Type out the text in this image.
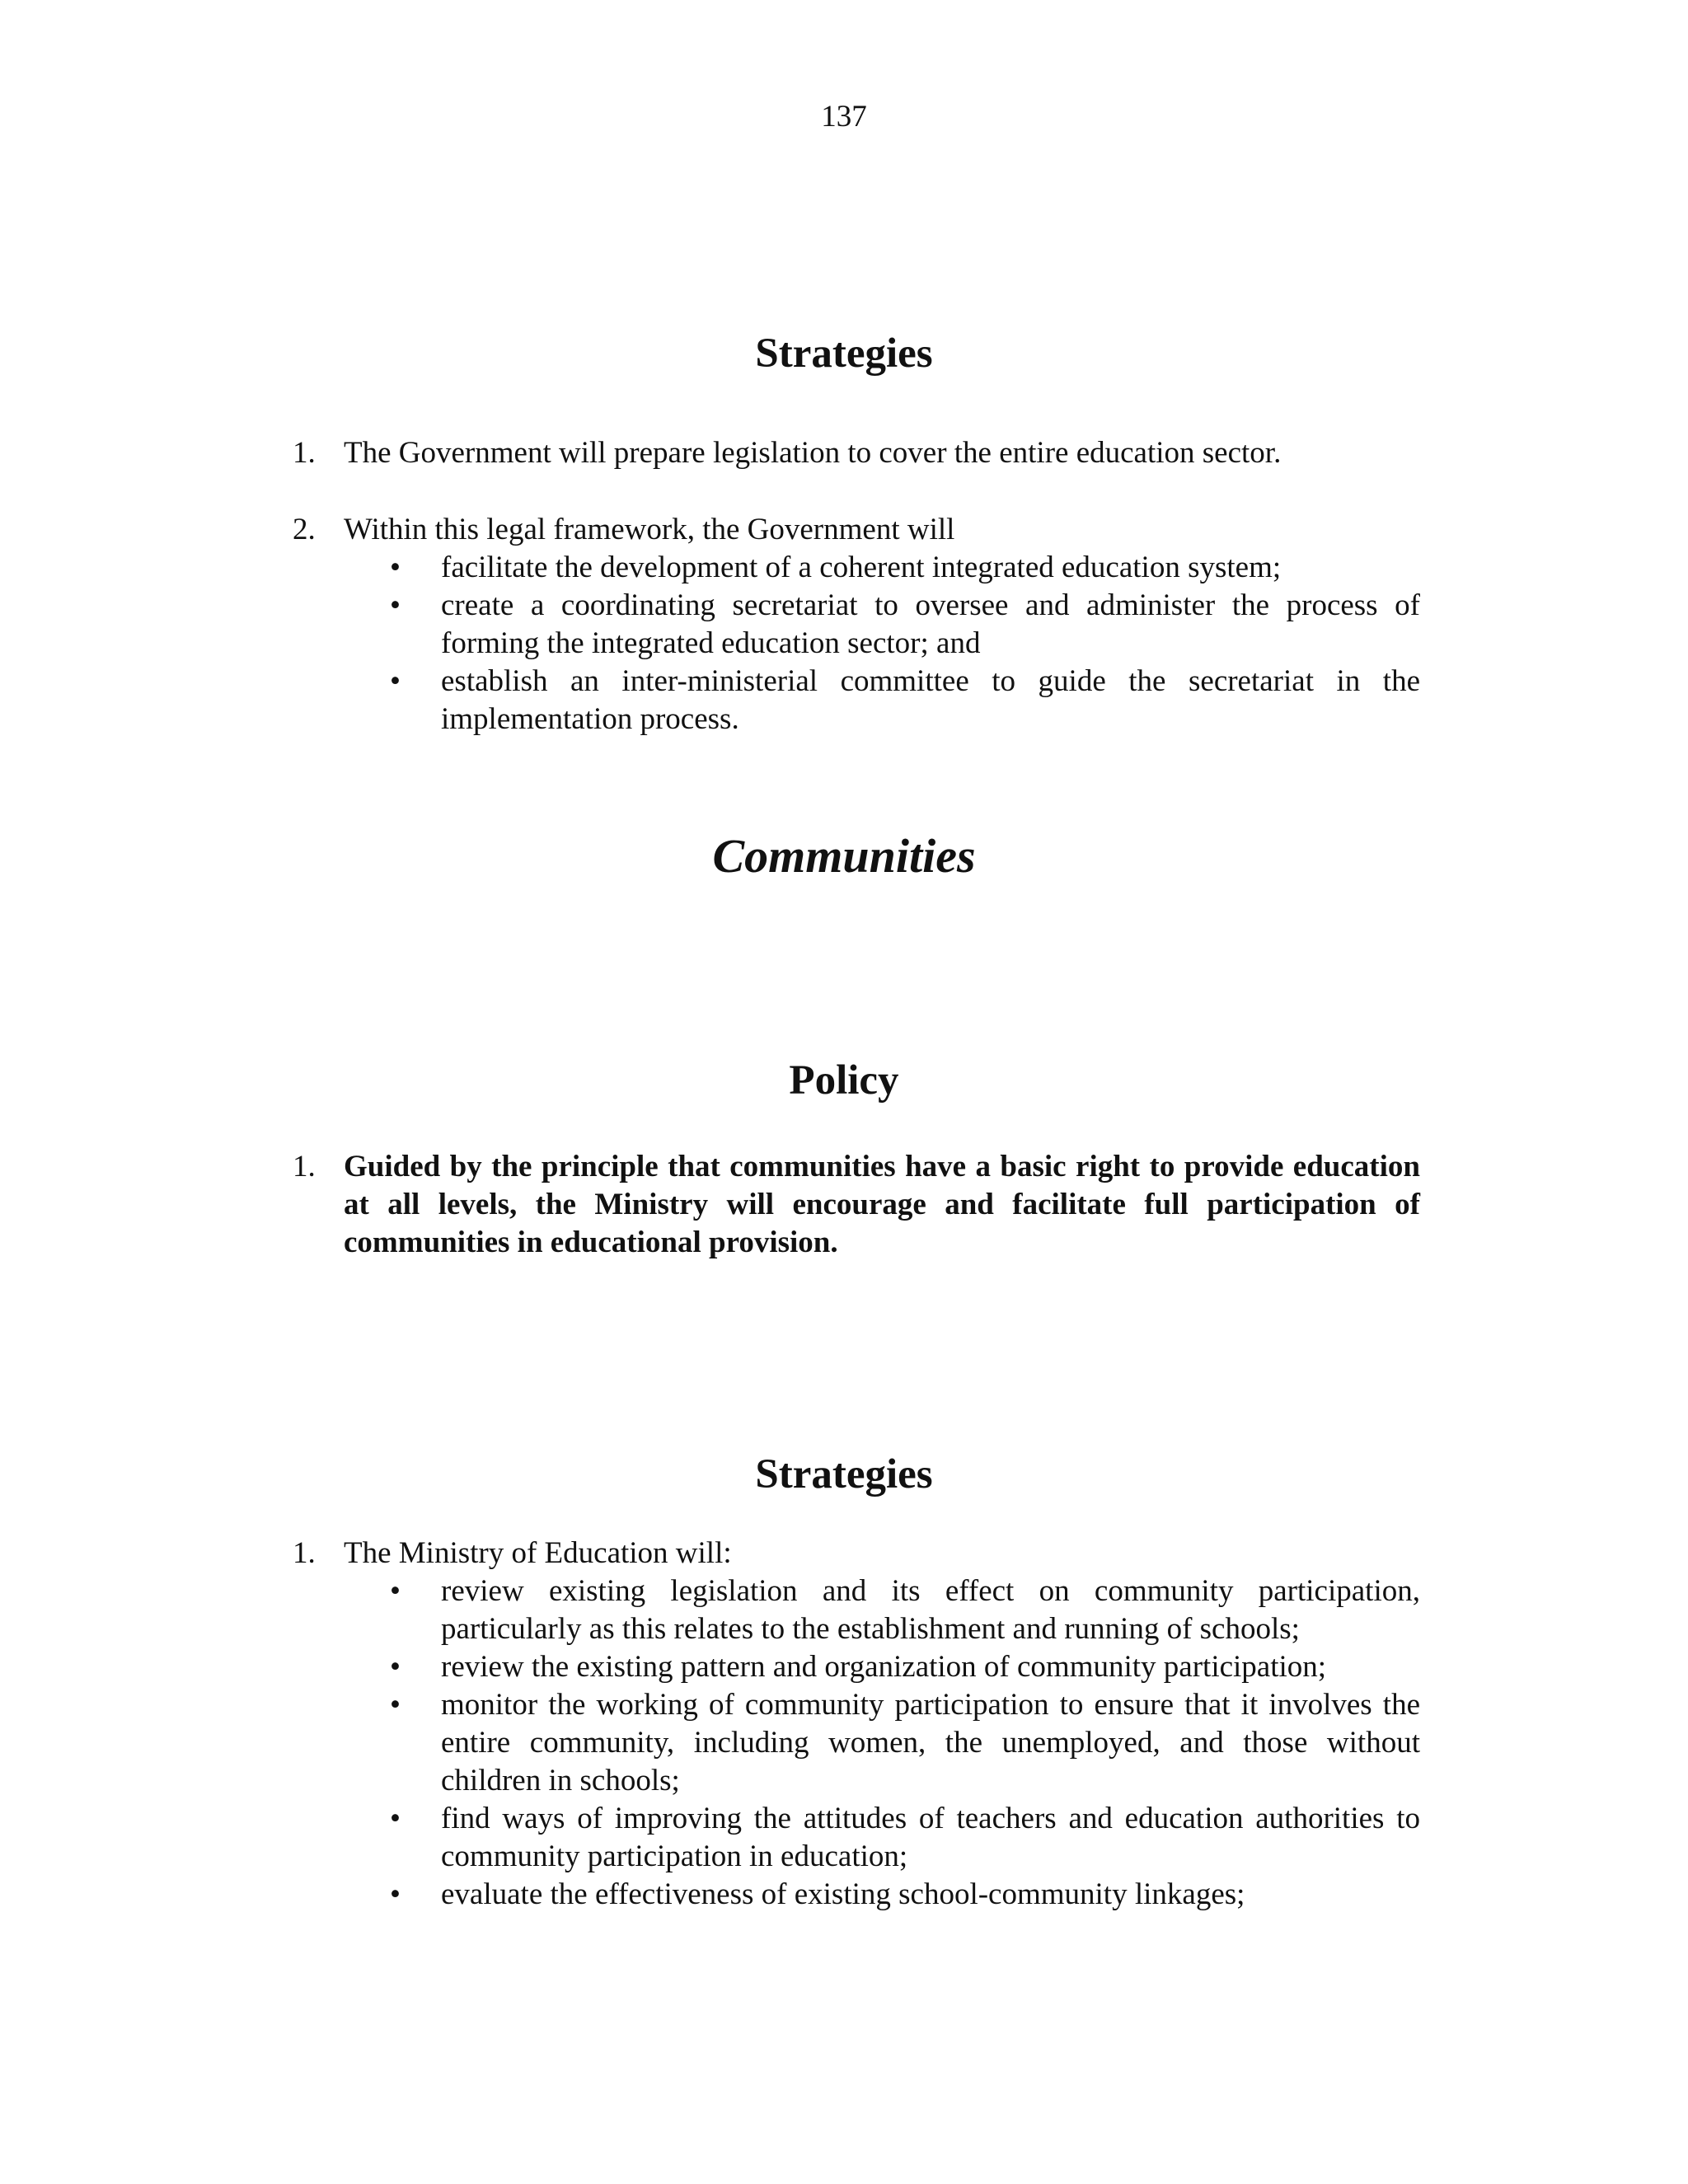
137
Strategies
1. The Government will prepare legislation to cover the entire education sector.
2. Within this legal framework, the Government will
• facilitate the development of a coherent integrated education system;
• create a coordinating secretariat to oversee and administer the process of forming the integrated education sector; and
• establish an inter-ministerial committee to guide the secretariat in the implementation process.
Communities
Policy
1. Guided by the principle that communities have a basic right to provide education at all levels, the Ministry will encourage and facilitate full participation of communities in educational provision.
Strategies
1. The Ministry of Education will:
• review existing legislation and its effect on community participation, particularly as this relates to the establishment and running of schools;
• review the existing pattern and organization of community participation;
• monitor the working of community participation to ensure that it involves the entire community, including women, the unemployed, and those without children in schools;
• find ways of improving the attitudes of teachers and education authorities to community participation in education;
• evaluate the effectiveness of existing school-community linkages;
